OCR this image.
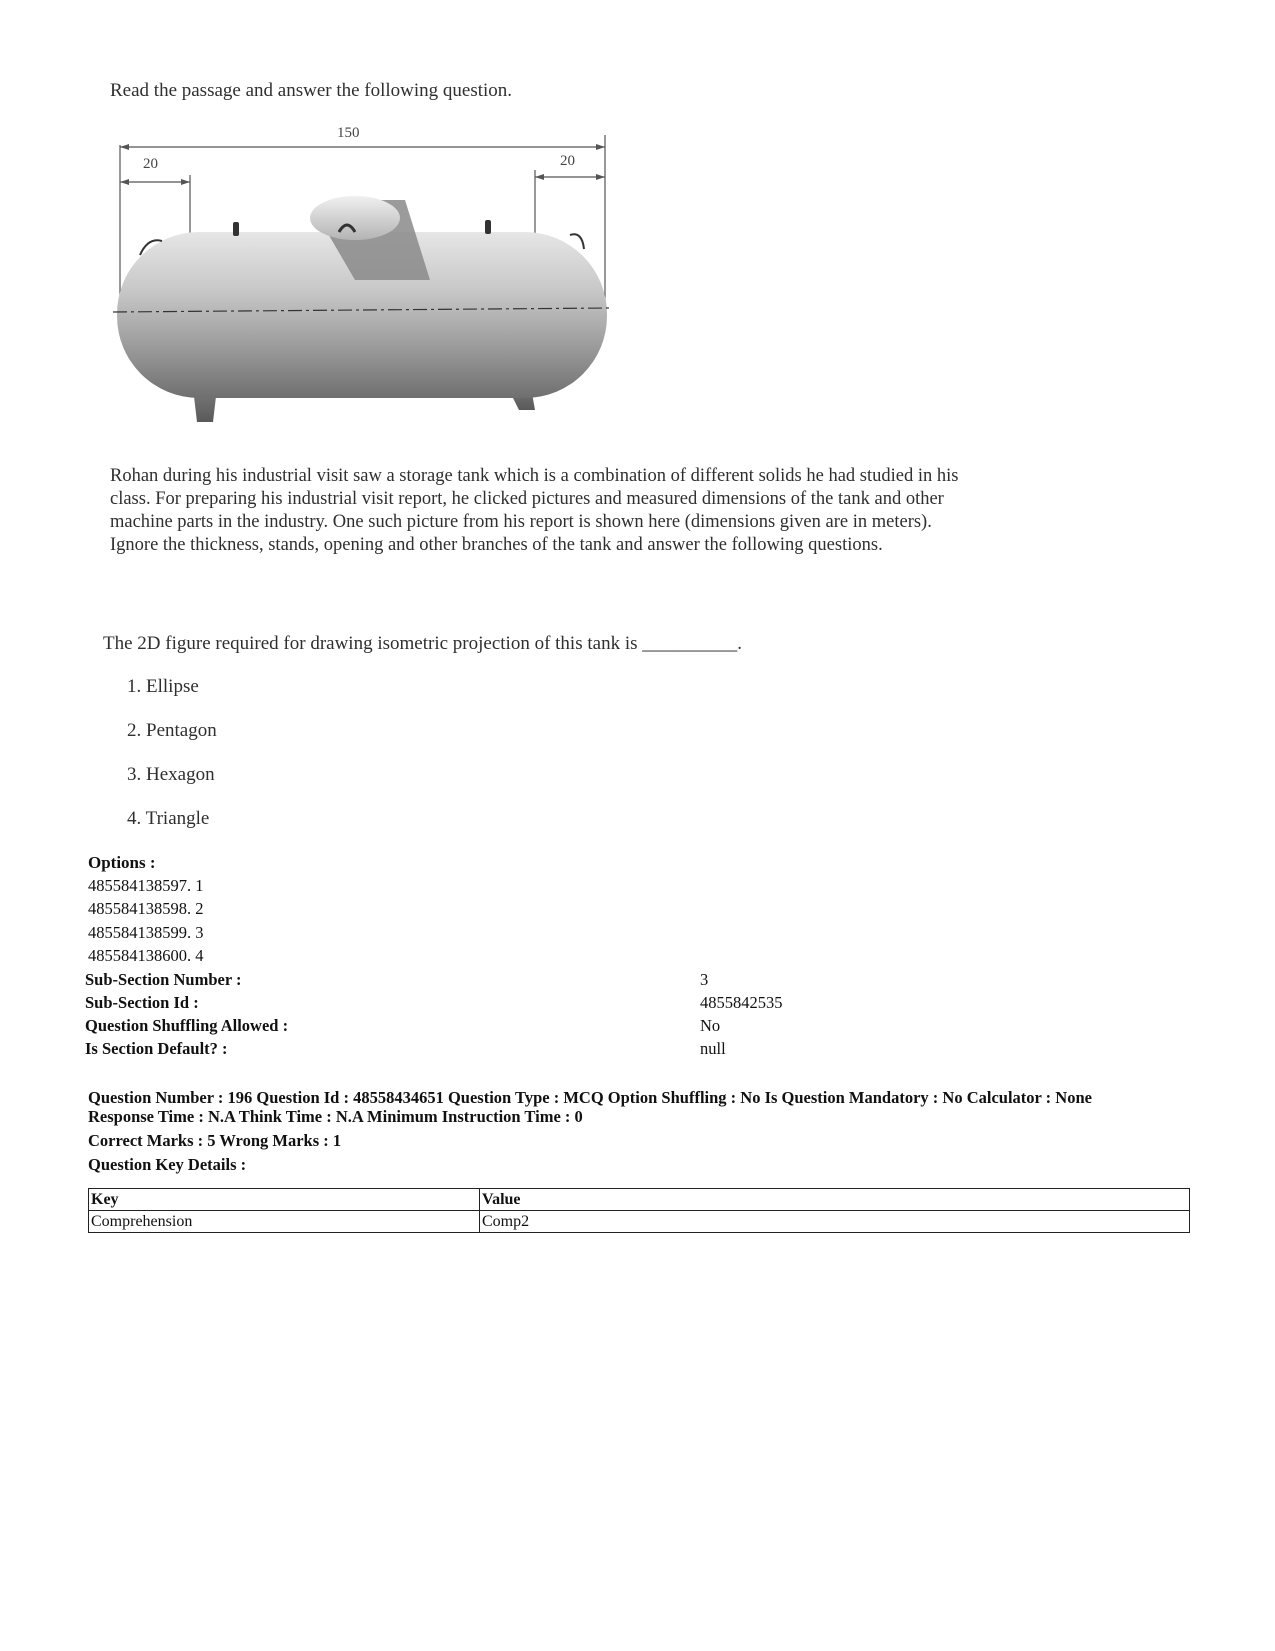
Read the passage and answer the following question.
150
20	20
Rohan during his industrial visit saw a storage tank which is a combination of different solids he had studied in his class. For preparing his industrial visit report, he clicked pictures and measured dimensions of the tank and other machine parts in the industry. One such picture from his report is shown here (dimensions given are in meters). Ignore the thickness, stands, opening and other branches of the tank and answer the following questions.
The 2D figure required for drawing isometric projection of this tank is __________.
1. Ellipse
2. Pentagon
3. Hexagon
4. Triangle
Options :
485584138597. 1
485584138598. 2
485584138599. 3
485584138600. 4
Sub-Section Number :	3
Sub-Section Id :	4855842535
Question Shuffling Allowed :	No
Is Section Default? :	null
Question Number : 196 Question Id : 48558434651 Question Type : MCQ Option Shuffling : No Is Question Mandatory : No Calculator : None
Response Time : N.A Think Time : N.A Minimum Instruction Time : 0
Correct Marks : 5 Wrong Marks : 1
Question Key Details :
Key	Value
Comprehension	Comp2
